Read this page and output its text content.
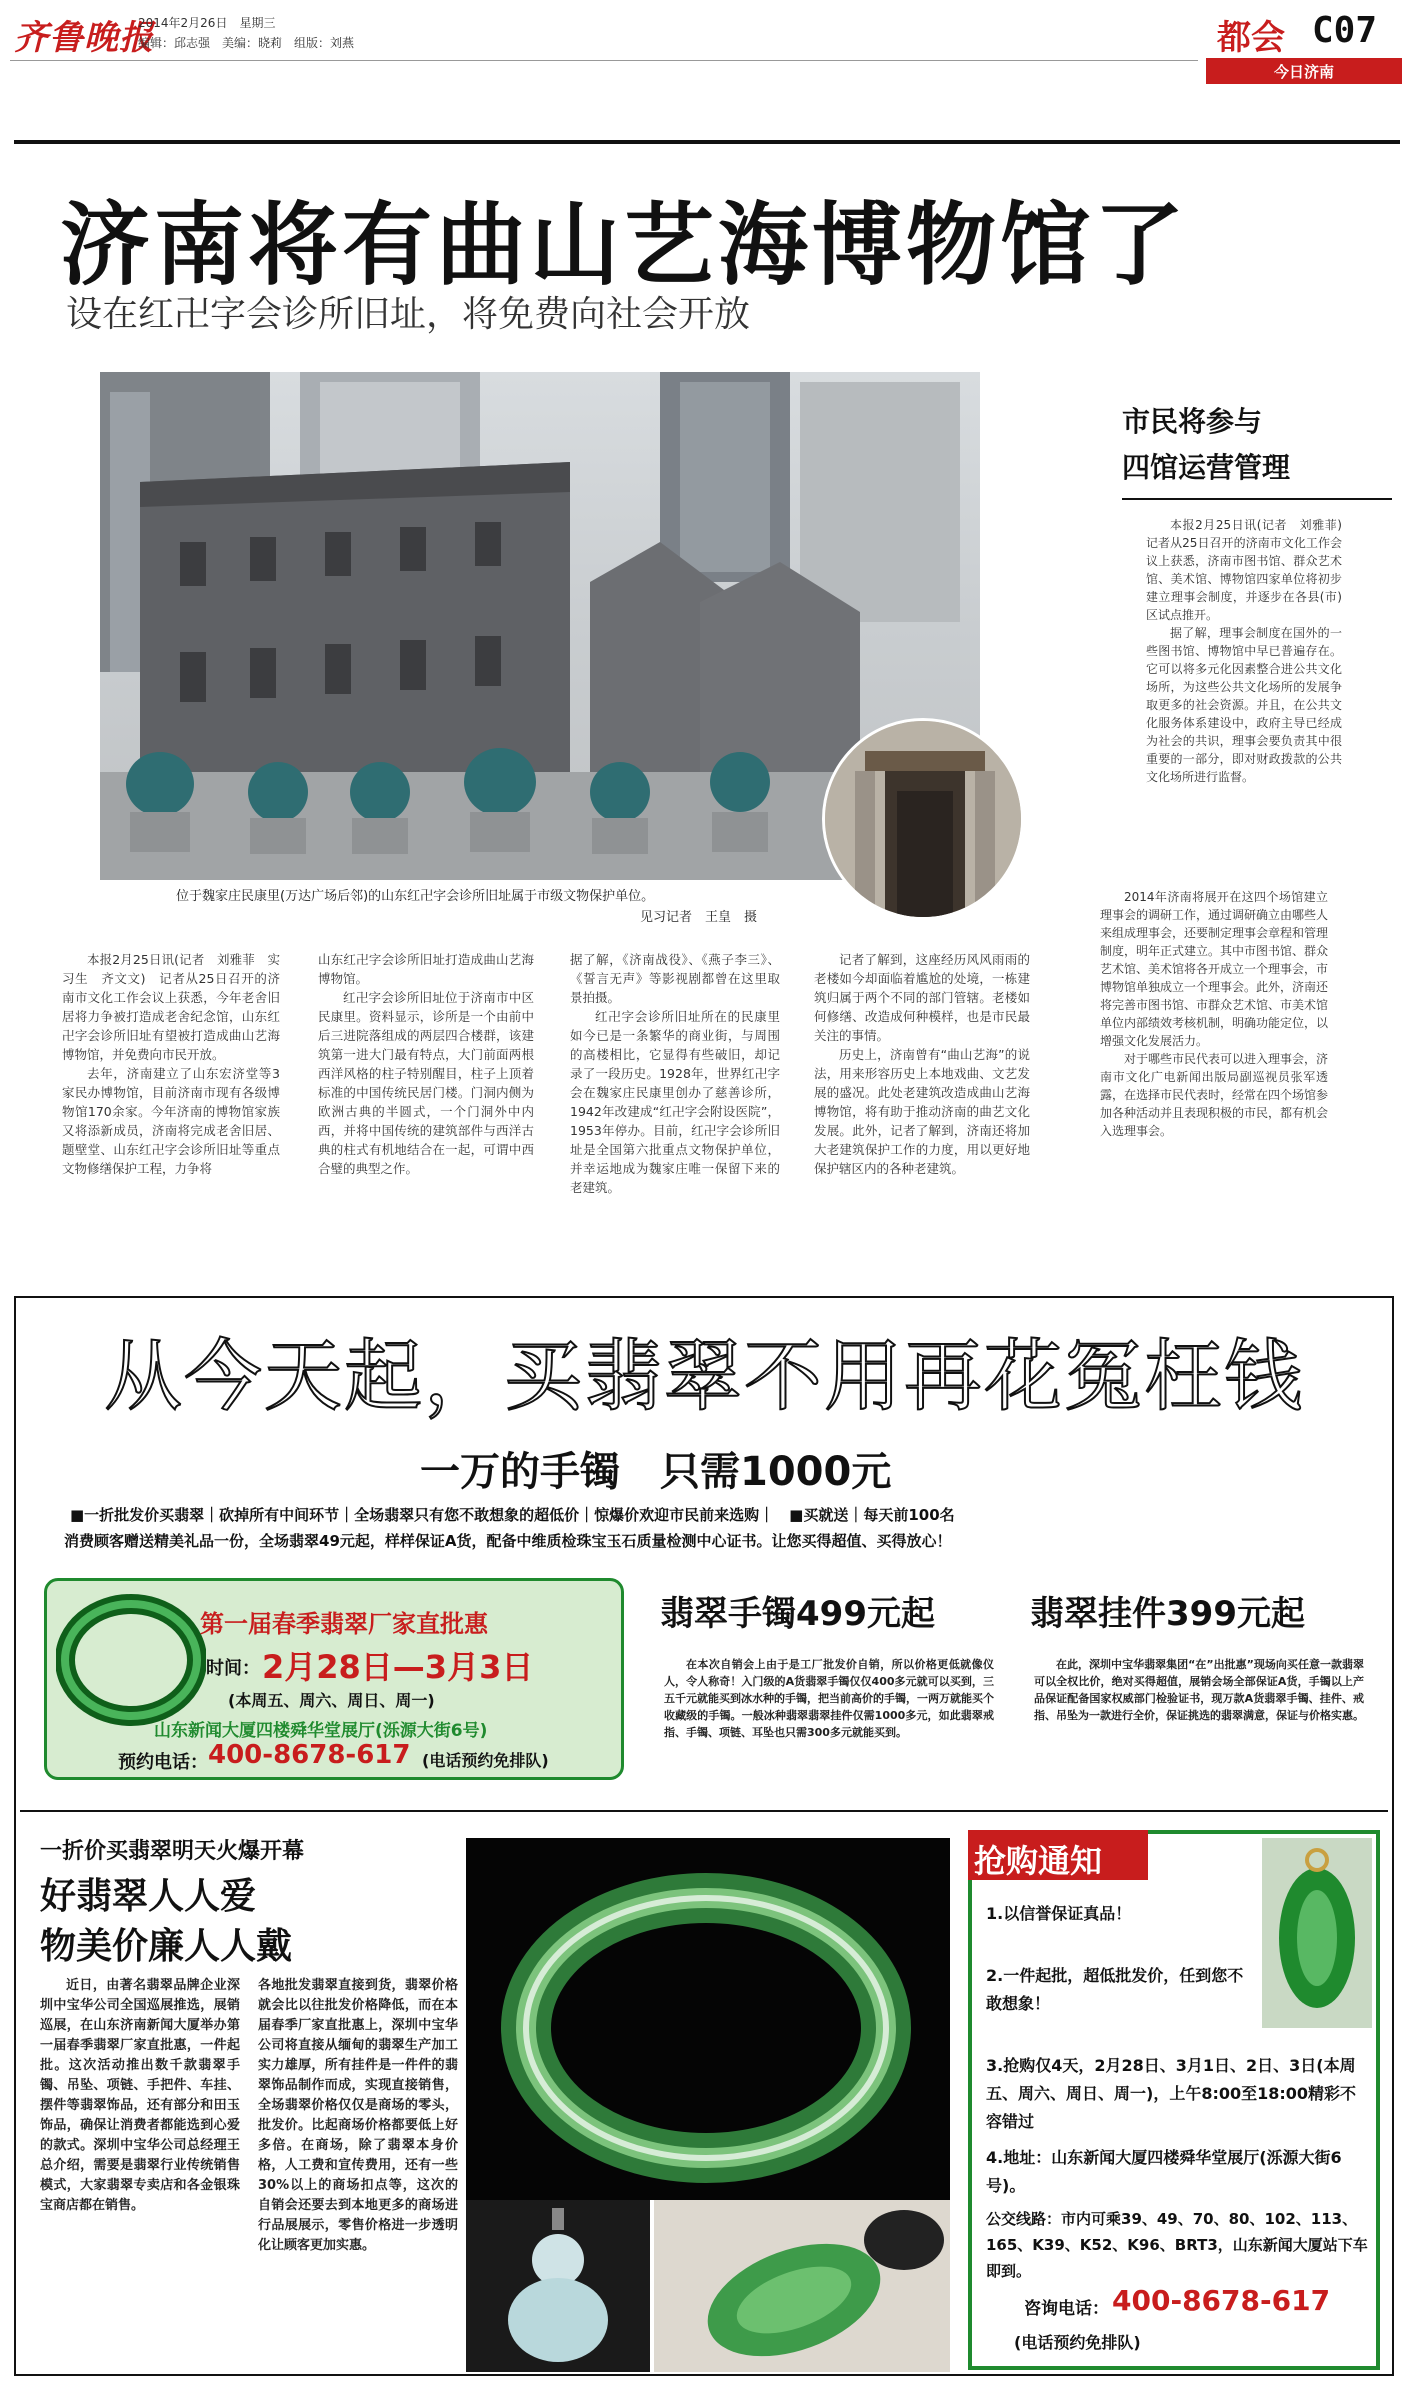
齐鲁晚报
2014年2月26日　星期三
编辑：邱志强　美编：晓莉　组版：刘燕	都会 C07
今日济南
济南将有曲山艺海博物馆了
设在红卍字会诊所旧址，将免费向社会开放
位于魏家庄民康里(万达广场后邻)的山东红卍字会诊所旧址属于市级文物保护单位。
见习记者　王皇　摄

本报2月25日讯(记者　刘雅菲　实习生　齐文文)　记者从25日召开的济南市文化工作会议上获悉，今年老舍旧居将力争被打造成老舍纪念馆，山东红卍字会诊所旧址有望被打造成曲山艺海博物馆，并免费向市民开放。

去年，济南建立了山东宏济堂等3家民办博物馆，目前济南市现有各级博物馆170余家。今年济南的博物馆家族又将添新成员，济南将完成老舍旧居、题壁堂、山东红卍字会诊所旧址等重点文物修缮保护工程，力争将

山东红卍字会诊所旧址打造成曲山艺海博物馆。

红卍字会诊所旧址位于济南市中区民康里。资料显示，诊所是一个由前中后三进院落组成的两层四合楼群，该建筑第一进大门最有特点，大门前面两根西洋风格的柱子特别醒目，柱子上顶着标准的中国传统民居门楼。门洞内侧为欧洲古典的半圆式，一个门洞外中内西，并将中国传统的建筑部件与西洋古典的柱式有机地结合在一起，可谓中西合璧的典型之作。

据了解，《济南战役》、《燕子李三》、《誓言无声》等影视剧都曾在这里取景拍摄。

红卍字会诊所旧址所在的民康里如今已是一条繁华的商业街，与周围的高楼相比，它显得有些破旧，却记录了一段历史。1928年，世界红卍字会在魏家庄民康里创办了慈善诊所，1942年改建成“红卍字会附设医院”，1953年停办。目前，红卍字会诊所旧址是全国第六批重点文物保护单位，并幸运地成为魏家庄唯一保留下来的老建筑。

记者了解到，这座经历风风雨雨的老楼如今却面临着尴尬的处境，一栋建筑归属于两个不同的部门管辖。老楼如何修缮、改造成何种模样，也是市民最关注的事情。

历史上，济南曾有“曲山艺海”的说法，用来形容历史上本地戏曲、文艺发展的盛况。此处老建筑改造成曲山艺海博物馆，将有助于推动济南的曲艺文化发展。此外，记者了解到，济南还将加大老建筑保护工作的力度，用以更好地保护辖区内的各种老建筑。

市民将参与
四馆运营管理

本报2月25日讯(记者　刘雅菲)　记者从25日召开的济南市文化工作会议上获悉，济南市图书馆、群众艺术馆、美术馆、博物馆四家单位将初步建立理事会制度，并逐步在各县(市)区试点推开。

据了解，理事会制度在国外的一些图书馆、博物馆中早已普遍存在。它可以将多元化因素整合进公共文化场所，为这些公共文化场所的发展争取更多的社会资源。并且，在公共文化服务体系建设中，政府主导已经成为社会的共识，理事会要负责其中很重要的一部分，即对财政拨款的公共文化场所进行监督。

2014年济南将展开在这四个场馆建立理事会的调研工作，通过调研确立由哪些人来组成理事会，还要制定理事会章程和管理制度，明年正式建立。其中市图书馆、群众艺术馆、美术馆将各开成立一个理事会，市博物馆单独成立一个理事会。此外，济南还将完善市图书馆、市群众艺术馆、市美术馆单位内部绩效考核机制，明确功能定位，以增强文化发展活力。

对于哪些市民代表可以进入理事会，济南市文化广电新闻出版局副巡视员张军透露，在选择市民代表时，经常在四个场馆参加各种活动并且表现积极的市民，都有机会入选理事会。

从今天起，买翡翠不用再花冤枉钱
一万的手镯　只需1000元
■一折批发价买翡翠｜砍掉所有中间环节｜全场翡翠只有您不敢想象的超低价｜惊爆价欢迎市民前来选购｜　■买就送｜每天前100名
消费顾客赠送精美礼品一份，全场翡翠49元起，样样保证A货，配备中维质检珠宝玉石质量检测中心证书。让您买得超值、买得放心！
第一届春季翡翠厂家直批惠
时间： 2月28日—3月3日
(本周五、周六、周日、周一)
山东新闻大厦四楼舜华堂展厅(泺源大街6号)
预约电话： 400-8678-617 (电话预约免排队)
翡翠手镯499元起	翡翠挂件399元起

在本次自销会上由于是工厂批发价自销，所以价格更低就像仪人，令人称奇！入门级的A货翡翠手镯仅仅400多元就可以买到，三五千元就能买到冰水种的手镯，把当前高价的手镯，一两万就能买个收藏级的手镯。一般冰种翡翠翡翠挂件仅需1000多元，如此翡翠戒指、手镯、项链、耳坠也只需300多元就能买到。

在此，深圳中宝华翡翠集团“在”出批惠”现场向买任意一款翡翠可以全权比价，绝对买得超值，展销会场全部保证A货，手镯以上产品保证配备国家权威部门检验证书，现万款A货翡翠手镯、挂件、戒指、吊坠为一款进行全价，保证挑选的翡翠满意，保证与价格实惠。

一折价买翡翠明天火爆开幕
好翡翠人人爱
物美价廉人人戴

近日，由著名翡翠品牌企业深圳中宝华公司全国巡展推选，展销巡展，在山东济南新闻大厦举办第一届春季翡翠厂家直批惠，一件起批。这次活动推出数千款翡翠手镯、吊坠、项链、手把件、车挂、摆件等翡翠饰品，还有部分和田玉饰品，确保让消费者都能选到心爱的款式。深圳中宝华公司总经理王总介绍，需要是翡翠行业传统销售模式，大家翡翠专卖店和各金银珠宝商店都在销售。

各地批发翡翠直接到货，翡翠价格就会比以往批发价格降低，而在本届春季厂家直批惠上，深圳中宝华公司将直接从缅甸的翡翠生产加工实力雄厚，所有挂件是一件件的翡翠饰品制作而成，实现直接销售，全场翡翠价格仅仅是商场的零头，批发价。比起商场价格都要低上好多倍。在商场，除了翡翠本身价格，人工费和宣传费用，还有一些30%以上的商场扣点等，这次的自销会还要去到本地更多的商场进行品展展示，零售价格进一步透明化让顾客更加实惠。

抢购通知
1.以信誉保证真品！
2.一件起批，超低批发价，任到您不敢想象！
3.抢购仅4天，2月28日、3月1日、2日、3日(本周五、周六、周日、周一)，上午8:00至18:00精彩不容错过
4.地址：山东新闻大厦四楼舜华堂展厅(泺源大街6号)。
公交线路：市内可乘39、49、70、80、102、113、165、K39、K52、K96、BRT3，山东新闻大厦站下车即到。
咨询电话： 400-8678-617
(电话预约免排队)
